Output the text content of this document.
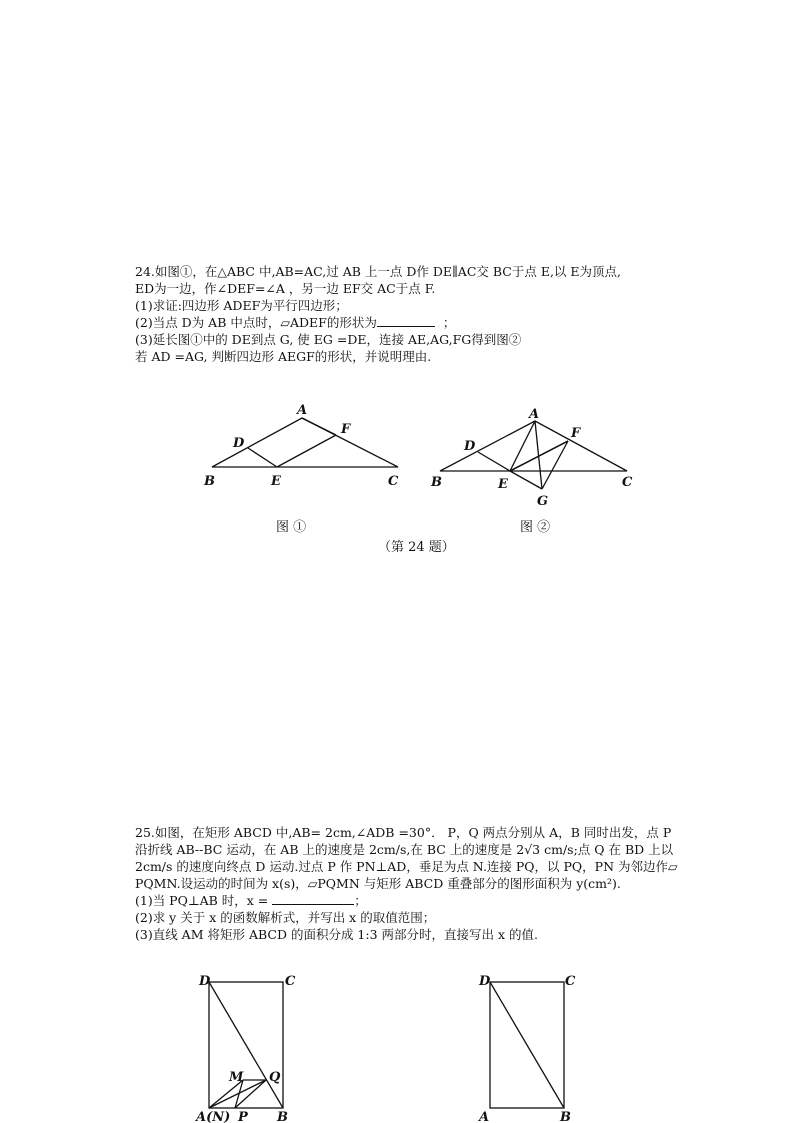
24.如图①，在△ABC 中,AB=AC,过 AB 上一点 D作 DE∥AC交 BC于点 E,以 E为顶点,
ED为一边，作∠DEF=∠A ，另一边 EF交 AC于点 F.
(1)求证:四边形 ADEF为平行四边形；
(2)当点 D为 AB 中点时，▱ADEF的形状为	；
(3)延长图①中的 DE到点 G, 使 EG =DE，连接 AE,AG,FG得到图②
若 AD =AG, 判断四边形 AEGF的形状，并说明理由.
A
D
F
B	E	C
图 ①
A
D
F
B	E
G
C
图 ②
（第 24 题）
25.如图，在矩形 ABCD 中,AB= 2cm,∠ADB =30°． P，Q 两点分别从 A，B 同时出发，点 P
沿折线 AB--BC 运动，在 AB 上的速度是 2cm/s,在 BC 上的速度是 2√3 cm/s;点 Q 在 BD 上以
2cm/s 的速度向终点 D 运动.过点 P 作 PN⊥AD，垂足为点 N.连接 PQ，以 PQ，PN 为邻边作▱
PQMN.设运动的时间为 x(s)，▱PQMN 与矩形 ABCD 重叠部分的图形面积为 y(cm²).
(1)当 PQ⊥AB 时，x =	；
(2)求 y 关于 x 的函数解析式，并写出 x 的取值范围；
(3)直线 AM 将矩形 ABCD 的面积分成 1:3 两部分时，直接写出 x 的值.
D	C
M Q
A(N) P B
D	C
A	B
